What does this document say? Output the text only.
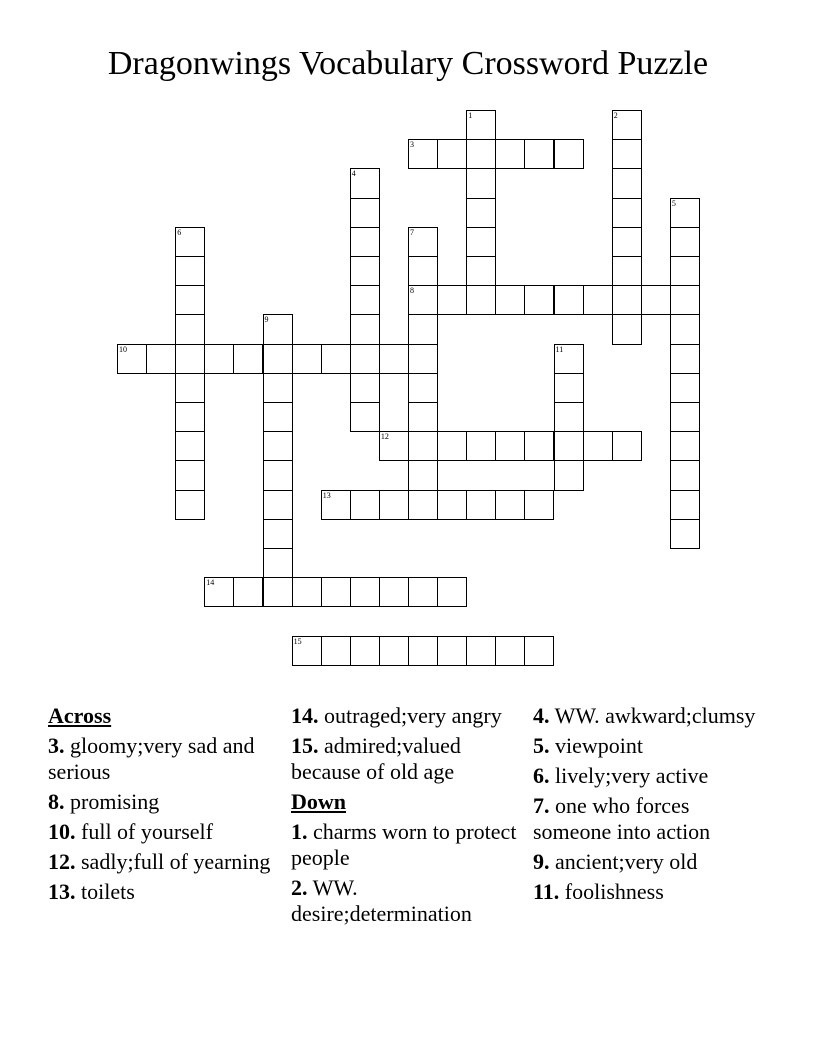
Dragonwings Vocabulary Crossword Puzzle
1	2
3
4
5
6	7
8
9
10	11
12
13
14
15
Across
3. gloomy;very sad and serious
8. promising
10. full of yourself
12. sadly;full of yearning
13. toilets
14. outraged;very angry
15. admired;valued because of old age
Down
1. charms worn to protect people
2. WW. desire;determination
4. WW. awkward;clumsy
5. viewpoint
6. lively;very active
7. one who forces someone into action
9. ancient;very old
11. foolishness
